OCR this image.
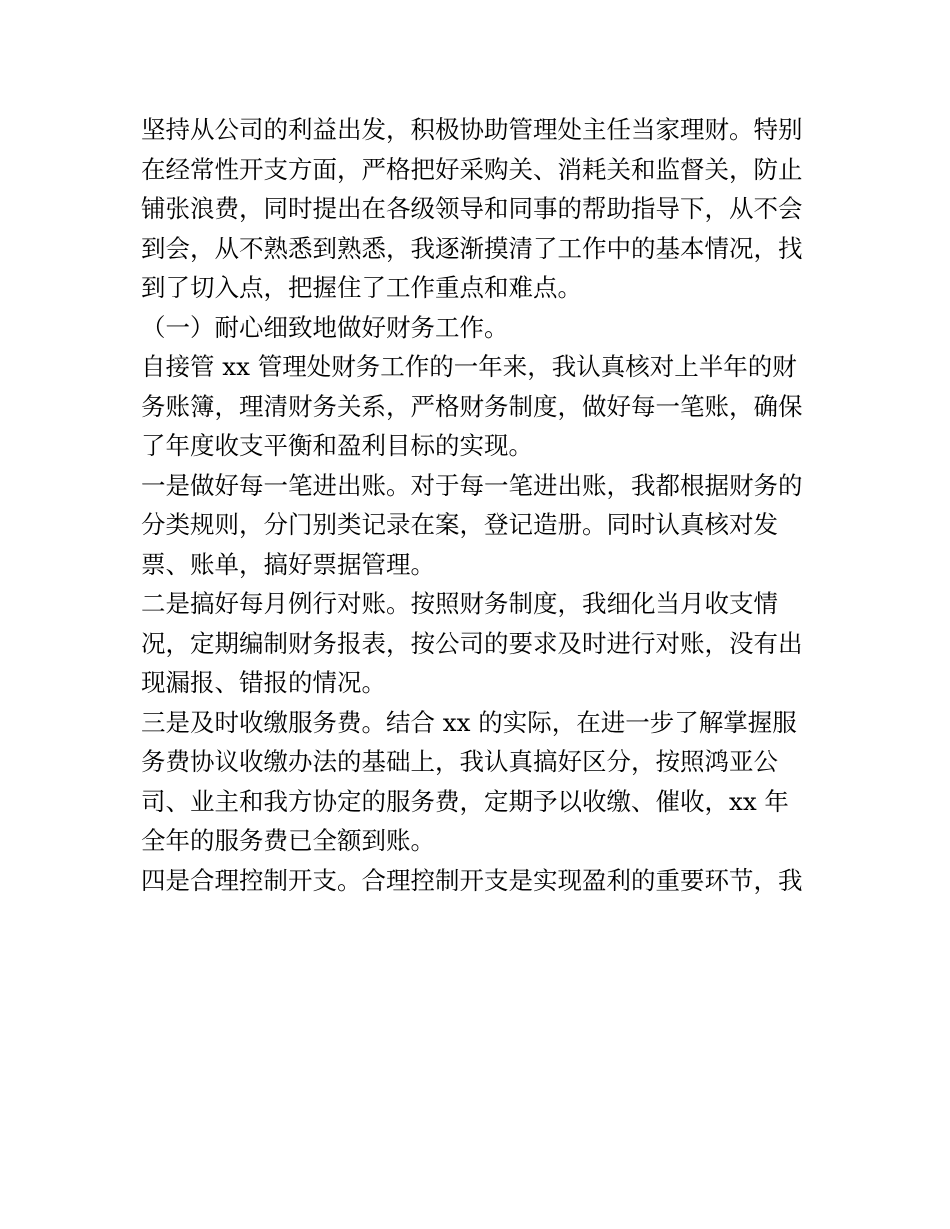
坚持从公司的利益出发，积极协助管理处主任当家理财。特别
在经常性开支方面，严格把好采购关、消耗关和监督关，防止
铺张浪费，同时提出在各级领导和同事的帮助指导下，从不会
到会，从不熟悉到熟悉，我逐渐摸清了工作中的基本情况，找
到了切入点，把握住了工作重点和难点。
（一）耐心细致地做好财务工作。
自接管 xx 管理处财务工作的一年来，我认真核对上半年的财
务账簿，理清财务关系，严格财务制度，做好每一笔账，确保
了年度收支平衡和盈利目标的实现。
一是做好每一笔进出账。对于每一笔进出账，我都根据财务的
分类规则，分门别类记录在案，登记造册。同时认真核对发
票、账单，搞好票据管理。
二是搞好每月例行对账。按照财务制度，我细化当月收支情
况，定期编制财务报表，按公司的要求及时进行对账，没有出
现漏报、错报的情况。
三是及时收缴服务费。结合 xx 的实际，在进一步了解掌握服
务费协议收缴办法的基础上，我认真搞好区分，按照鸿亚公
司、业主和我方协定的服务费，定期予以收缴、催收，xx 年
全年的服务费已全额到账。
四是合理控制开支。合理控制开支是实现盈利的重要环节，我
